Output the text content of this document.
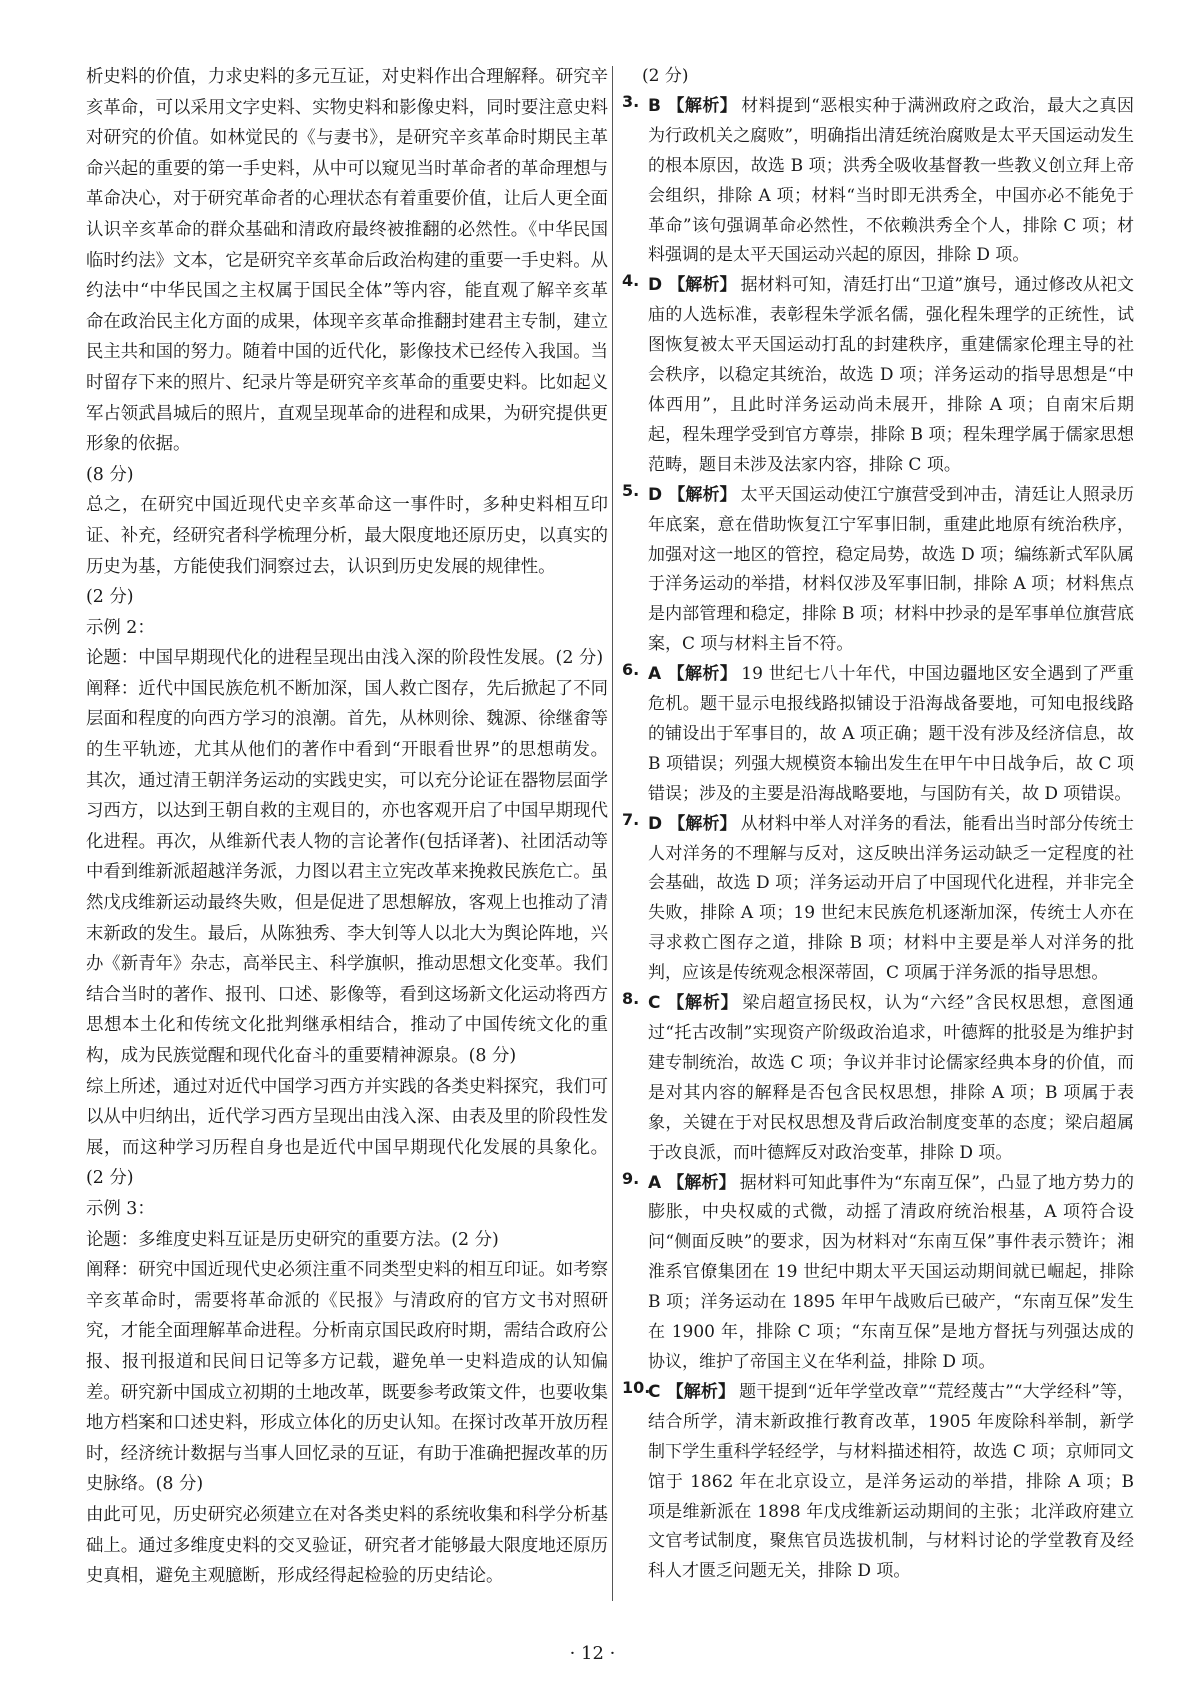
析史料的价值，力求史料的多元互证，对史料作出合理解释。研究辛亥革命，可以采用文字史料、实物史料和影像史料，同时要注意史料对研究的价值。如林觉民的《与妻书》，是研究辛亥革命时期民主革命兴起的重要的第一手史料，从中可以窥见当时革命者的革命理想与革命决心，对于研究革命者的心理状态有着重要价值，让后人更全面认识辛亥革命的群众基础和清政府最终被推翻的必然性。《中华民国临时约法》文本，它是研究辛亥革命后政治构建的重要一手史料。从约法中“中华民国之主权属于国民全体”等内容，能直观了解辛亥革命在政治民主化方面的成果，体现辛亥革命推翻封建君主专制，建立民主共和国的努力。随着中国的近代化，影像技术已经传入我国。当时留存下来的照片、纪录片等是研究辛亥革命的重要史料。比如起义军占领武昌城后的照片，直观呈现革命的进程和成果，为研究提供更形象的依据。

(8 分)

总之，在研究中国近现代史辛亥革命这一事件时，多种史料相互印证、补充，经研究者科学梳理分析，最大限度地还原历史，以真实的历史为基，方能使我们洞察过去，认识到历史发展的规律性。

(2 分)

示例 2：

论题：中国早期现代化的进程呈现出由浅入深的阶段性发展。(2 分)

阐释：近代中国民族危机不断加深，国人救亡图存，先后掀起了不同层面和程度的向西方学习的浪潮。首先，从林则徐、魏源、徐继畬等的生平轨迹，尤其从他们的著作中看到“开眼看世界”的思想萌发。其次，通过清王朝洋务运动的实践史实，可以充分论证在器物层面学习西方，以达到王朝自救的主观目的，亦也客观开启了中国早期现代化进程。再次，从维新代表人物的言论著作(包括译著)、社团活动等中看到维新派超越洋务派，力图以君主立宪改革来挽救民族危亡。虽然戊戌维新运动最终失败，但是促进了思想解放，客观上也推动了清末新政的发生。最后，从陈独秀、李大钊等人以北大为舆论阵地，兴办《新青年》杂志，高举民主、科学旗帜，推动思想文化变革。我们结合当时的著作、报刊、口述、影像等，看到这场新文化运动将西方思想本土化和传统文化批判继承相结合，推动了中国传统文化的重构，成为民族觉醒和现代化奋斗的重要精神源泉。(8 分)

综上所述，通过对近代中国学习西方并实践的各类史料探究，我们可以从中归纳出，近代学习西方呈现出由浅入深、由表及里的阶段性发展，而这种学习历程自身也是近代中国早期现代化发展的具象化。(2 分)

示例 3：

论题：多维度史料互证是历史研究的重要方法。(2 分)

阐释：研究中国近现代史必须注重不同类型史料的相互印证。如考察辛亥革命时，需要将革命派的《民报》与清政府的官方文书对照研究，才能全面理解革命进程。分析南京国民政府时期，需结合政府公报、报刊报道和民间日记等多方记载，避免单一史料造成的认知偏差。研究新中国成立初期的土地改革，既要参考政策文件，也要收集地方档案和口述史料，形成立体化的历史认知。在探讨改革开放历程时，经济统计数据与当事人回忆录的互证，有助于准确把握改革的历史脉络。(8 分)

由此可见，历史研究必须建立在对各类史料的系统收集和科学分析基础上。通过多维度史料的交叉验证，研究者才能够最大限度地还原历史真相，避免主观臆断，形成经得起检验的历史结论。

(2 分)

3. B 【解析】 材料提到“恶根实种于满洲政府之政治，最大之真因为行政机关之腐败”，明确指出清廷统治腐败是太平天国运动发生的根本原因，故选 B 项；洪秀全吸收基督教一些教义创立拜上帝会组织，排除 A 项；材料“当时即无洪秀全，中国亦必不能免于革命”该句强调革命必然性，不依赖洪秀全个人，排除 C 项；材料强调的是太平天国运动兴起的原因，排除 D 项。

4. D 【解析】 据材料可知，清廷打出“卫道”旗号，通过修改从祀文庙的人选标准，表彰程朱学派名儒，强化程朱理学的正统性，试图恢复被太平天国运动打乱的封建秩序，重建儒家伦理主导的社会秩序，以稳定其统治，故选 D 项；洋务运动的指导思想是“中体西用”，且此时洋务运动尚未展开，排除 A 项；自南宋后期起，程朱理学受到官方尊崇，排除 B 项；程朱理学属于儒家思想范畴，题目未涉及法家内容，排除 C 项。

5. D 【解析】 太平天国运动使江宁旗营受到冲击，清廷让人照录历年底案，意在借助恢复江宁军事旧制，重建此地原有统治秩序，加强对这一地区的管控，稳定局势，故选 D 项；编练新式军队属于洋务运动的举措，材料仅涉及军事旧制，排除 A 项；材料焦点是内部管理和稳定，排除 B 项；材料中抄录的是军事单位旗营底案，C 项与材料主旨不符。

6. A 【解析】 19 世纪七八十年代，中国边疆地区安全遇到了严重危机。题干显示电报线路拟铺设于沿海战备要地，可知电报线路的铺设出于军事目的，故 A 项正确；题干没有涉及经济信息，故 B 项错误；列强大规模资本输出发生在甲午中日战争后，故 C 项错误；涉及的主要是沿海战略要地，与国防有关，故 D 项错误。

7. D 【解析】 从材料中举人对洋务的看法，能看出当时部分传统士人对洋务的不理解与反对，这反映出洋务运动缺乏一定程度的社会基础，故选 D 项；洋务运动开启了中国现代化进程，并非完全失败，排除 A 项；19 世纪末民族危机逐渐加深，传统士人亦在寻求救亡图存之道，排除 B 项；材料中主要是举人对洋务的批判，应该是传统观念根深蒂固，C 项属于洋务派的指导思想。

8. C 【解析】 梁启超宣扬民权，认为“六经”含民权思想，意图通过“托古改制”实现资产阶级政治追求，叶德辉的批驳是为维护封建专制统治，故选 C 项；争议并非讨论儒家经典本身的价值，而是对其内容的解释是否包含民权思想，排除 A 项；B 项属于表象，关键在于对民权思想及背后政治制度变革的态度；梁启超属于改良派，而叶德辉反对政治变革，排除 D 项。

9. A 【解析】 据材料可知此事件为“东南互保”，凸显了地方势力的膨胀，中央权威的式微，动摇了清政府统治根基，A 项符合设问“侧面反映”的要求，因为材料对“东南互保”事件表示赞许；湘淮系官僚集团在 19 世纪中期太平天国运动期间就已崛起，排除 B 项；洋务运动在 1895 年甲午战败后已破产，“东南互保”发生在 1900 年，排除 C 项；“东南互保”是地方督抚与列强达成的协议，维护了帝国主义在华利益，排除 D 项。

10.

C 【解析】 题干提到“近年学堂改章”“荒经蔑古”“大学经科”等，结合所学，清末新政推行教育改革，1905 年废除科举制，新学制下学生重科学轻经学，与材料描述相符，故选 C 项；京师同文馆于 1862 年在北京设立，是洋务运动的举措，排除 A 项；B 项是维新派在 1898 年戊戌维新运动期间的主张；北洋政府建立文官考试制度，聚焦官员选拔机制，与材料讨论的学堂教育及经科人才匮乏问题无关，排除 D 项。

· 12 ·
